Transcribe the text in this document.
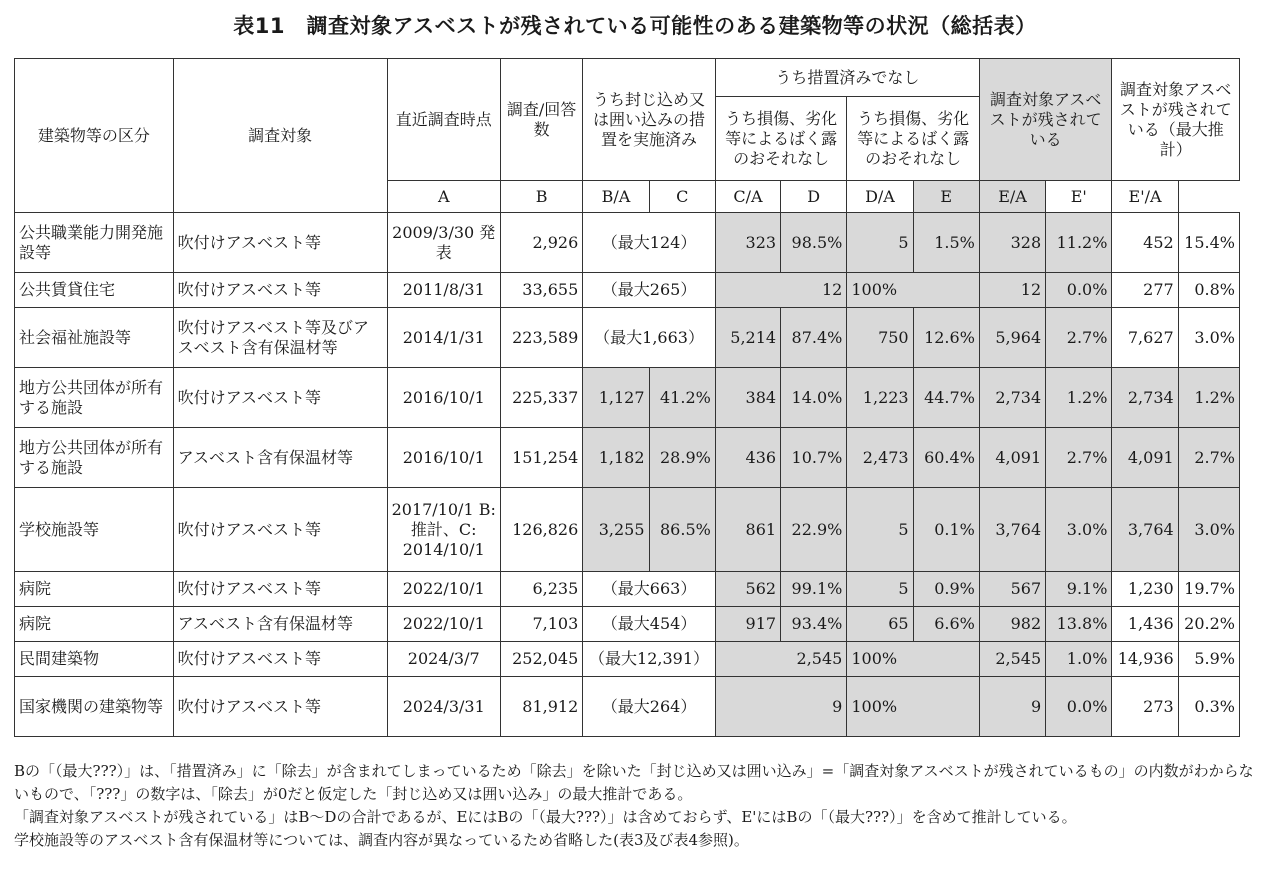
表11　調査対象アスベストが残されている可能性のある建築物等の状況（総括表）
建築物等の区分	調査対象	直近調査時点	調査/回答数	うち封じ込め又は囲い込みの措置を実施済み		うち措置済みでなし				調査対象アスベストが残されている		調査対象アスベストが残されている（最大推計）	
						うち損傷、劣化等によるばく露のおそれなし		うち損傷、劣化等によるばく露のおそれなし					
		A	B	B/A	C	C/A	D	D/A	E	E/A	E'	E'/A	
公共職業能力開発施設等	吹付けアスベスト等	2009/3/30 発表	2,926	（最大124）		323	98.5%	5	1.5%	328	11.2%	452	15.4%
公共賃貸住宅	吹付けアスベスト等	2011/8/31	33,655	（最大265）		12		100%		12	0.0%	277	0.8%
社会福祉施設等	吹付けアスベスト等及びアスベスト含有保温材等	2014/1/31	223,589	（最大1,663）		5,214	87.4%	750	12.6%	5,964	2.7%	7,627	3.0%
地方公共団体が所有する施設	吹付けアスベスト等	2016/10/1	225,337	1,127	41.2%	384	14.0%	1,223	44.7%	2,734	1.2%	2,734	1.2%
地方公共団体が所有する施設	アスベスト含有保温材等	2016/10/1	151,254	1,182	28.9%	436	10.7%	2,473	60.4%	4,091	2.7%	4,091	2.7%
学校施設等	吹付けアスベスト等	2017/10/1 B:推計、C: 2014/10/1	126,826	3,255	86.5%	861	22.9%	5	0.1%	3,764	3.0%	3,764	3.0%
病院	吹付けアスベスト等	2022/10/1	6,235	（最大663）		562	99.1%	5	0.9%	567	9.1%	1,230	19.7%
病院	アスベスト含有保温材等	2022/10/1	7,103	（最大454）		917	93.4%	65	6.6%	982	13.8%	1,436	20.2%
民間建築物	吹付けアスベスト等	2024/3/7	252,045	（最大12,391）		2,545		100%		2,545	1.0%	14,936	5.9%
国家機関の建築物等	吹付けアスベスト等	2024/3/31	81,912	（最大264）		9		100%		9	0.0%	273	0.3%

Bの「（最大???）」は、「措置済み」に「除去」が含まれてしまっているため「除去」を除いた「封じ込め又は囲い込み」=「調査対象アスベストが残されているもの」の内数がわからないもので、「???」の数字は、「除去」が0だと仮定した「封じ込め又は囲い込み」の最大推計である。

「調査対象アスベストが残されている」はB〜Dの合計であるが、EにはBの「（最大???）」は含めておらず、E'にはBの「（最大???）」を含めて推計している。

学校施設等のアスベスト含有保温材等については、調査内容が異なっているため省略した(表3及び表4参照)。
